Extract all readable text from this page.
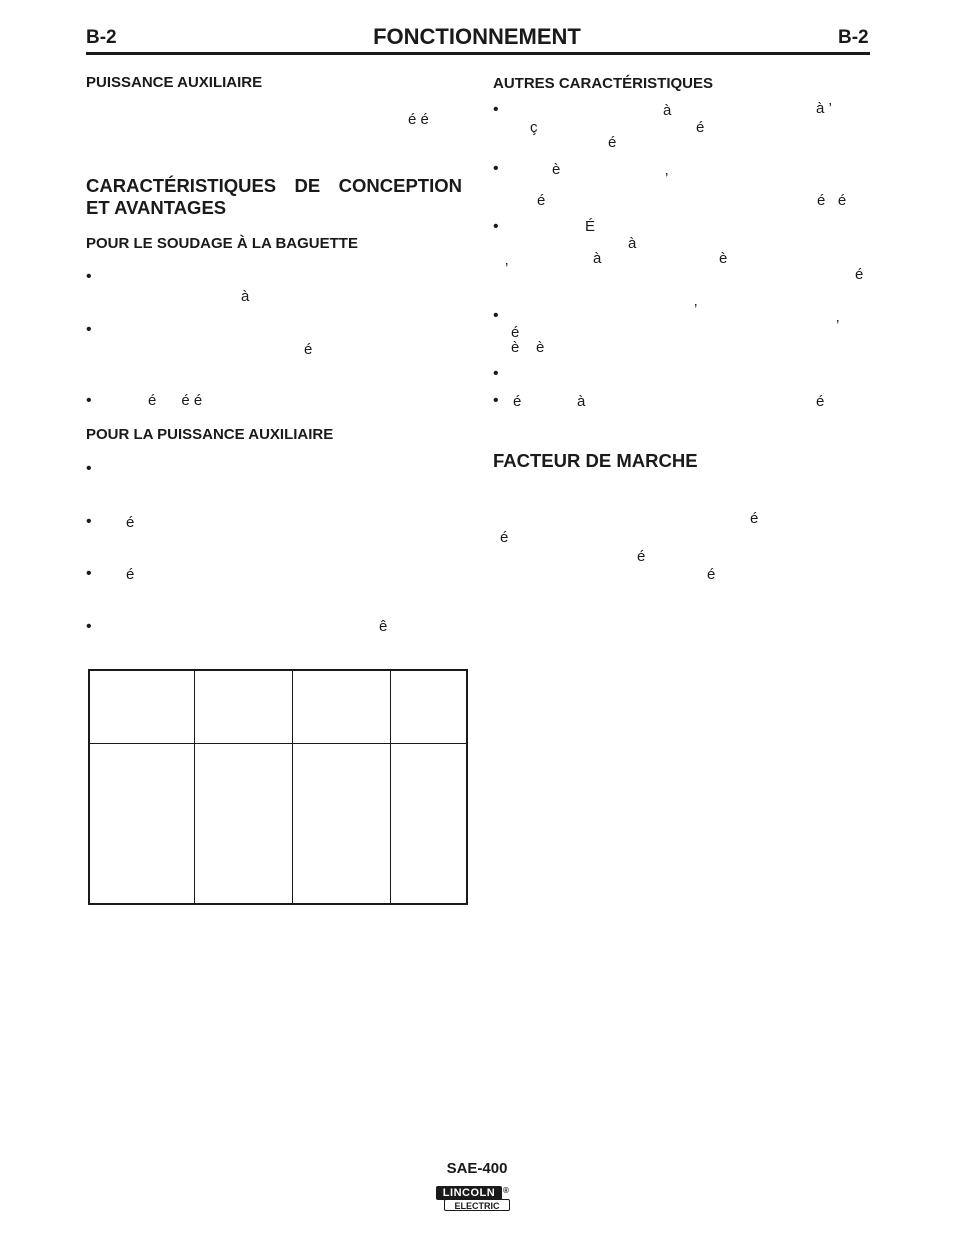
B-2	FONCTIONNEMENT	B-2
PUISSANCE AUXILIAIRE
é é
CARACTÉRISTIQUES DE CONCEPTION
ET AVANTAGES
POUR LE SOUDAGE À LA BAGUETTE
•
à
•
é
•	é      é é
POUR LA PUISSANCE AUXILIAIRE
•
• é
• é
•	ê

AUTRES CARACTÉRISTIQUES
•	à	à ’
ç	é
é
•	è
’
é	é   é
•	É
à
à	è
’	é
•	’
é	’
è    è
•
• é	à	é
FACTEUR DE MARCHE
é
é
é
é
SAE-400
LINCOLN ®
ELECTRIC
